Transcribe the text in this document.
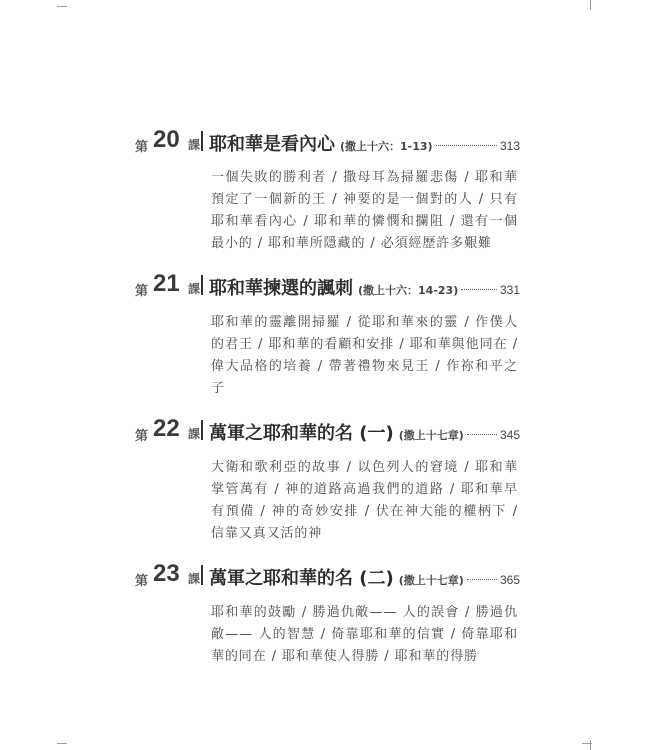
第 20 課 耶和華是看內心 (撒上十六：1-13)	313
一個失敗的勝利者 / 撒母耳為掃羅悲傷 / 耶和華預定了一個新的王 / 神要的是一個對的人 / 只有耶和華看內心 / 耶和華的憐憫和攔阻 / 還有一個最小的 / 耶和華所隱藏的 / 必須經歷許多艱難
第 21 課 耶和華揀選的諷刺 (撒上十六：14-23)	331
耶和華的靈離開掃羅 / 從耶和華來的靈 / 作僕人的君王 / 耶和華的看顧和安排 / 耶和華與他同在 / 偉大品格的培養 / 帶著禮物來見王 / 作祢和平之子
第 22 課 萬軍之耶和華的名 (一) (撒上十七章)	345
大衛和歌利亞的故事 / 以色列人的窘境 / 耶和華掌管萬有 / 神的道路高過我們的道路 / 耶和華早有預備 / 神的奇妙安排 / 伏在神大能的權柄下 / 信靠又真又活的神
第 23 課 萬軍之耶和華的名 (二) (撒上十七章)	365
耶和華的鼓勵 / 勝過仇敵—— 人的誤會 / 勝過仇敵—— 人的智慧 / 倚靠耶和華的信實 / 倚靠耶和華的同在 / 耶和華使人得勝 / 耶和華的得勝
